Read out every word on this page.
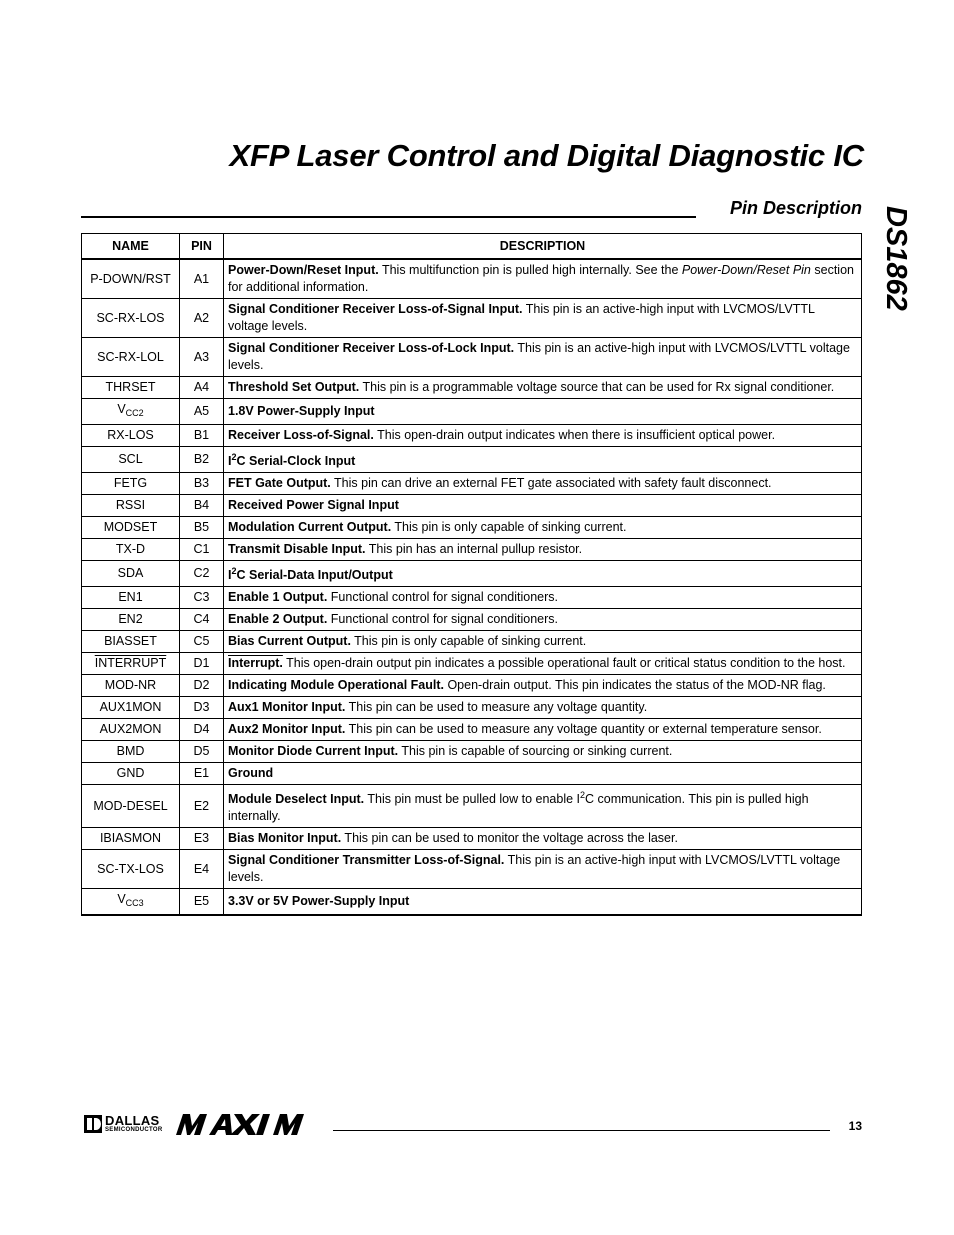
XFP Laser Control and Digital Diagnostic IC
Pin Description DS1862
NAME	PIN	DESCRIPTION
P-DOWN/RST	A1	Power-Down/Reset Input. This multifunction pin is pulled high internally. See the Power-Down/Reset Pin section for additional information.
SC-RX-LOS	A2	Signal Conditioner Receiver Loss-of-Signal Input. This pin is an active-high input with LVCMOS/LVTTL voltage levels.
SC-RX-LOL	A3	Signal Conditioner Receiver Loss-of-Lock Input. This pin is an active-high input with LVCMOS/LVTTL voltage levels.
THRSET	A4	Threshold Set Output. This pin is a programmable voltage source that can be used for Rx signal conditioner.
$V_{CC2}$	A5	1.8V Power-Supply Input
RX-LOS	B1	Receiver Loss-of-Signal. This open-drain output indicates when there is insufficient optical power.
SCL	B2	$I^2C$ Serial-Clock Input
FETG	B3	FET Gate Output. This pin can drive an external FET gate associated with safety fault disconnect.
RSSI	B4	Received Power Signal Input
MODSET	B5	Modulation Current Output. This pin is only capable of sinking current.
TX-D	C1	Transmit Disable Input. This pin has an internal pullup resistor.
SDA	C2	$I^2C$ Serial-Data Input/Output
EN1	C3	Enable 1 Output. Functional control for signal conditioners.
EN2	C4	Enable 2 Output. Functional control for signal conditioners.
BIASSET	C5	Bias Current Output. This pin is only capable of sinking current.
INTERRUPT	D1	Interrupt. This open-drain output pin indicates a possible operational fault or critical status condition to the host.
MOD-NR	D2	Indicating Module Operational Fault. Open-drain output. This pin indicates the status of the MOD-NR flag.
AUX1MON	D3	Aux1 Monitor Input. This pin can be used to measure any voltage quantity.
AUX2MON	D4	Aux2 Monitor Input. This pin can be used to measure any voltage quantity or external temperature sensor.
BMD	D5	Monitor Diode Current Input. This pin is capable of sourcing or sinking current.
GND	E1	Ground
MOD-DESEL	E2	Module Deselect Input. This pin must be pulled low to enable $I^2C$ communication. This pin is pulled high internally.
IBIASMON	E3	Bias Monitor Input. This pin can be used to monitor the voltage across the laser.
SC-TX-LOS	E4	Signal Conditioner Transmitter Loss-of-Signal. This pin is an active-high input with LVCMOS/LVTTL voltage levels.
$V_{CC3}$	E5	3.3V or 5V Power-Supply Input
DALLAS
SEMICONDUCTOR	13
